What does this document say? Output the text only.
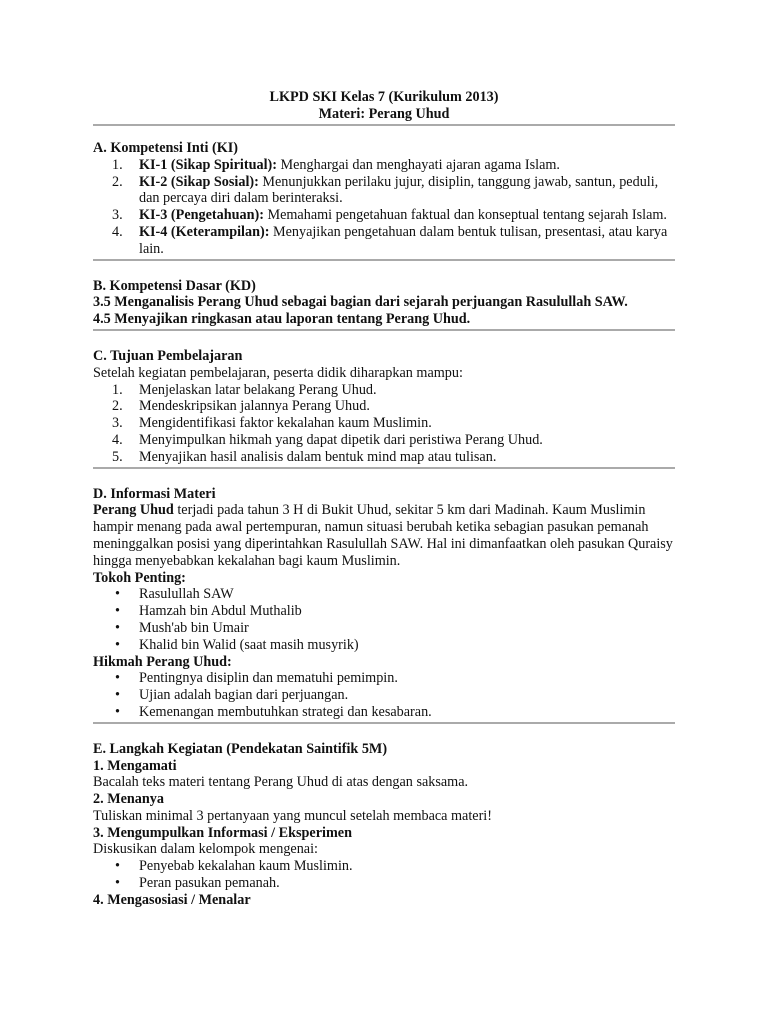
LKPD SKI Kelas 7 (Kurikulum 2013)
Materi: Perang Uhud
A. Kompetensi Inti (KI)
1. KI-1 (Sikap Spiritual): Menghargai dan menghayati ajaran agama Islam.
2. KI-2 (Sikap Sosial): Menunjukkan perilaku jujur, disiplin, tanggung jawab, santun, peduli, dan percaya diri dalam berinteraksi.
3. KI-3 (Pengetahuan): Memahami pengetahuan faktual dan konseptual tentang sejarah Islam.
4. KI-4 (Keterampilan): Menyajikan pengetahuan dalam bentuk tulisan, presentasi, atau karya lain.
B. Kompetensi Dasar (KD)

3.5 Menganalisis Perang Uhud sebagai bagian dari sejarah perjuangan Rasulullah SAW.

4.5 Menyajikan ringkasan atau laporan tentang Perang Uhud.

C. Tujuan Pembelajaran

Setelah kegiatan pembelajaran, peserta didik diharapkan mampu:

1. Menjelaskan latar belakang Perang Uhud.
2. Mendeskripsikan jalannya Perang Uhud.
3. Mengidentifikasi faktor kekalahan kaum Muslimin.
4. Menyimpulkan hikmah yang dapat dipetik dari peristiwa Perang Uhud.
5. Menyajikan hasil analisis dalam bentuk mind map atau tulisan.
D. Informasi Materi

Perang Uhud terjadi pada tahun 3 H di Bukit Uhud, sekitar 5 km dari Madinah. Kaum Muslimin hampir menang pada awal pertempuran, namun situasi berubah ketika sebagian pasukan pemanah meninggalkan posisi yang diperintahkan Rasulullah SAW. Hal ini dimanfaatkan oleh pasukan Quraisy hingga menyebabkan kekalahan bagi kaum Muslimin.

Tokoh Penting:

• Rasulullah SAW
• Hamzah bin Abdul Muthalib
• Mush'ab bin Umair
• Khalid bin Walid (saat masih musyrik)

Hikmah Perang Uhud:

• Pentingnya disiplin dan mematuhi pemimpin.
• Ujian adalah bagian dari perjuangan.
• Kemenangan membutuhkan strategi dan kesabaran.
E. Langkah Kegiatan (Pendekatan Saintifik 5M)

1. Mengamati

Bacalah teks materi tentang Perang Uhud di atas dengan saksama.

2. Menanya

Tuliskan minimal 3 pertanyaan yang muncul setelah membaca materi!

3. Mengumpulkan Informasi / Eksperimen

Diskusikan dalam kelompok mengenai:

• Penyebab kekalahan kaum Muslimin.
• Peran pasukan pemanah.

4. Mengasosiasi / Menalar
